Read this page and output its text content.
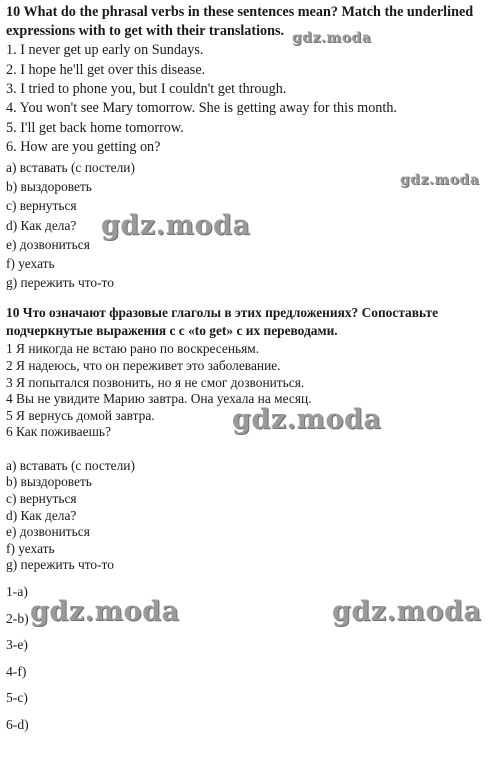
10 What do the phrasal verbs in these sentences mean? Match the underlined
expressions with to get with their translations.
1. I never get up early on Sundays.
2. I hope he'll get over this disease.
3. I tried to phone you, but I couldn't get through.
4. You won't see Mary tomorrow. She is getting away for this month.
5. I'll get back home tomorrow.
6. How are you getting on?
a) вставать (с постели)
b) выздороветь
c) вернуться
d) Как дела?
e) дозвониться
f) уехать
g) пережить что-то
10 Что означают фразовые глаголы в этих предложениях? Сопоставьте
подчеркнутые выражения с с «to get» с их переводами.
1 Я никогда не встаю рано по воскресеньям.
2 Я надеюсь, что он переживет это заболевание.
3 Я попытался позвонить, но я не смог дозвониться.
4 Вы не увидите Марию завтра. Она уехала на месяц.
5 Я вернусь домой завтра.
6 Как поживаешь?
a) вставать (с постели)
b) выздороветь
c) вернуться
d) Как дела?
e) дозвониться
f) уехать
g) пережить что-то
1-a)
2-b)
3-e)
4-f)
5-c)
6-d)
gdz.moda
gdz.moda
gdz.moda
gdz.moda
gdz.moda	gdz.moda
